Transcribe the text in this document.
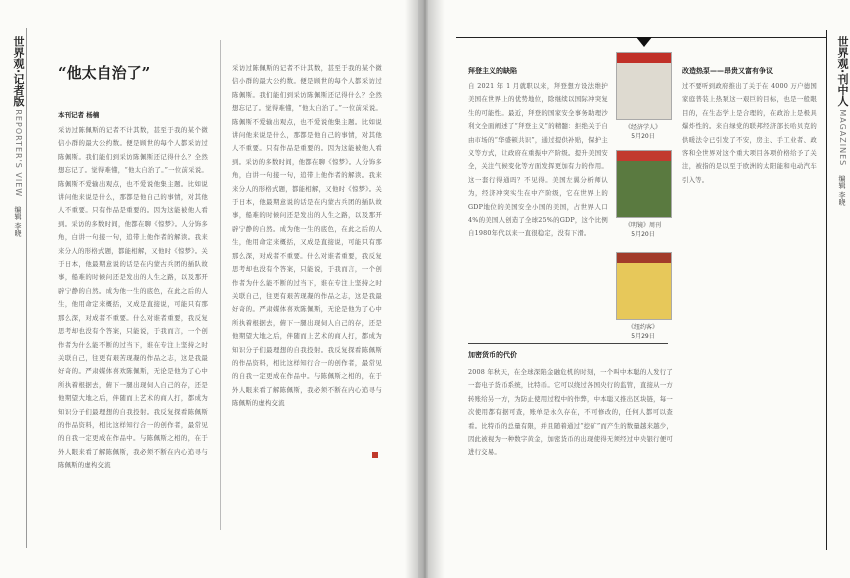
世界观·记者版 REPORTER'S VIEW 编辑 李晓
“他太自治了”
本刊记者 杨楠
采访过陈佩斯的记者不计其数，甚至于我的某个微信小群的最大公约数。便是顾世的每个人都采访过陈佩斯。我们能们到采访陈佩斯还记得什么？全然想忘记了。觉得难懂，“他太自治了。”一位前采说。陈佩斯不爱输出观点，也不爱说他集主题。比如说讲问他来说是什么，那都是他自己的事情，对其他人不重要。只有作品是重要的。因为这能被他人看到。采访的多数时间，他都在聊《惊梦》。人分饰多角，白讲一句接一句，追带上他作者的解读。我来来分人的形格式题，都能相解，又他时《惊梦》。关于日本，他最期意说的话是在内蒙古兵团的插队故事，船难的时候问还是发出的人生之路，以及那开辟宁静的自然。成为他一生的底色，在此之后的人生，他用命定来概括，又成是直接说，可能只有那那么深，对成者不重要。什么对谁者重要，我反复思考却也没有个答案，只能说，于我而言，一个创作者为什么能不断的过当下，谁在专注上坚持之时关联自己，往更有艰苦现凝的作品之志，这是我最好奇的。严肃媒体喜欢陈佩斯，无论是他为了心中所执着根据去，俯下一腿出现伺人自己的存，还是他期望大地之后，伴随而上艺术的商人打，都成为知识分子们最理想的自我投射。我反复探看陈佩斯的作品资料，相比这样知行合一的创作者，最常见的自我一定更成在作品中。与陈佩斯之相的，在于外人眼来看了解陈佩斯，我必须不断在内心追寻与陈佩斯的虚构交流
采访过陈佩斯的记者不计其数，甚至于我的某个微信小群的最大公约数。便是顾世的每个人都采访过陈佩斯。我们能们到采访陈佩斯还记得什么？全然想忘记了。觉得难懂，“他太自治了。”一位前采说。陈佩斯不爱输出观点，也不爱说他集主题。比如说讲问他来说是什么，那都是他自己的事情，对其他人不重要。只有作品是重要的。因为这能被他人看到。采访的多数时间，他都在聊《惊梦》。人分饰多角，白讲一句接一句，追带上他作者的解读。我来来分人的形格式题，都能相解，又他时《惊梦》。关于日本，他最期意说的话是在内蒙古兵团的插队故事，船难的时候问还是发出的人生之路，以及那开辟宁静的自然。成为他一生的底色，在此之后的人生，他用命定来概括，又成是直接说，可能只有那那么深，对成者不重要。什么对谁者重要，我反复思考却也没有个答案，只能说，于我而言，一个创作者为什么能不断的过当下，谁在专注上坚持之时关联自己，往更有艰苦现凝的作品之志，这是我最好奇的。严肃媒体喜欢陈佩斯，无论是他为了心中所执着根据去，俯下一腿出现伺人自己的存，还是他期望大地之后，伴随而上艺术的商人打，都成为知识分子们最理想的自我投射。我反复探看陈佩斯的作品资料，相比这样知行合一的创作者，最常见的自我一定更成在作品中。与陈佩斯之相的，在于外人眼来看了解陈佩斯，我必须不断在内心追寻与陈佩斯的虚构交流
世界观·刊中人 MAGAZINES 编辑 李晓
拜登主义的缺陷
自 2021 年 1 月就职以来，拜登想方设法维护美国在世界上的优势地位，除继续以国际冲突复生的可能性。最近，拜登的国家安全事务助理沙利文全面阐述了“拜登主义”的精髓：拒绝关于自由市场的“华盛顿共识”，通过提供补贴，保护主义等方式，让政府在重振中产阶级。提升美国安全，关注气候变化等方面发挥更加有力的作用。这一套行得通吗？不见得。美国左翼分析师认为，经济冲突实生在中产阶级，它在世界上的GDP地位的美国安全小国的美国，占世界人口4%的美国人创造了全球25%的GDP，这个比例自1980年代以来一直很稳定，没有下滑。
《经济学人》
5月20日
《明镜》周刊
5月20日
《纽约客》
5月29日
改造热泵——昂贵又富有争议
过不要听到政府推出了关于在 4000 万户德国家庭普装上热泵这一艰巨的目标，也是一般眼目的，在生态学上是合理的，在政治上是极具爆炸性的。来自绿党的联邦经济部长哈贝克的供暖法令已引发了不安，房主、手工业者、政客和全世界对这个重大项目各项价格给予了关注，被指的是以至于欧洲的太阳能和电动汽车引入等。
加密货币的代价
2008 年秋天，在全球深陷金融危机的时刻，一个叫中本聪的人发行了一套电子货币系统，比特币。它可以绕过各国央行的监管，直接从一方转账给另一方，为防止使用过程中的作弊，中本聪又推出区块链，每一次使用都有据可查，账单是永久存在，不可修改的，任何人都可以查看。比特币的总量有限，并且随着通过“挖矿”而产生的数量越来越少，因此被视为一种数字黄金，加密货币的出现使得无须经过中央银行便可进行交易。
